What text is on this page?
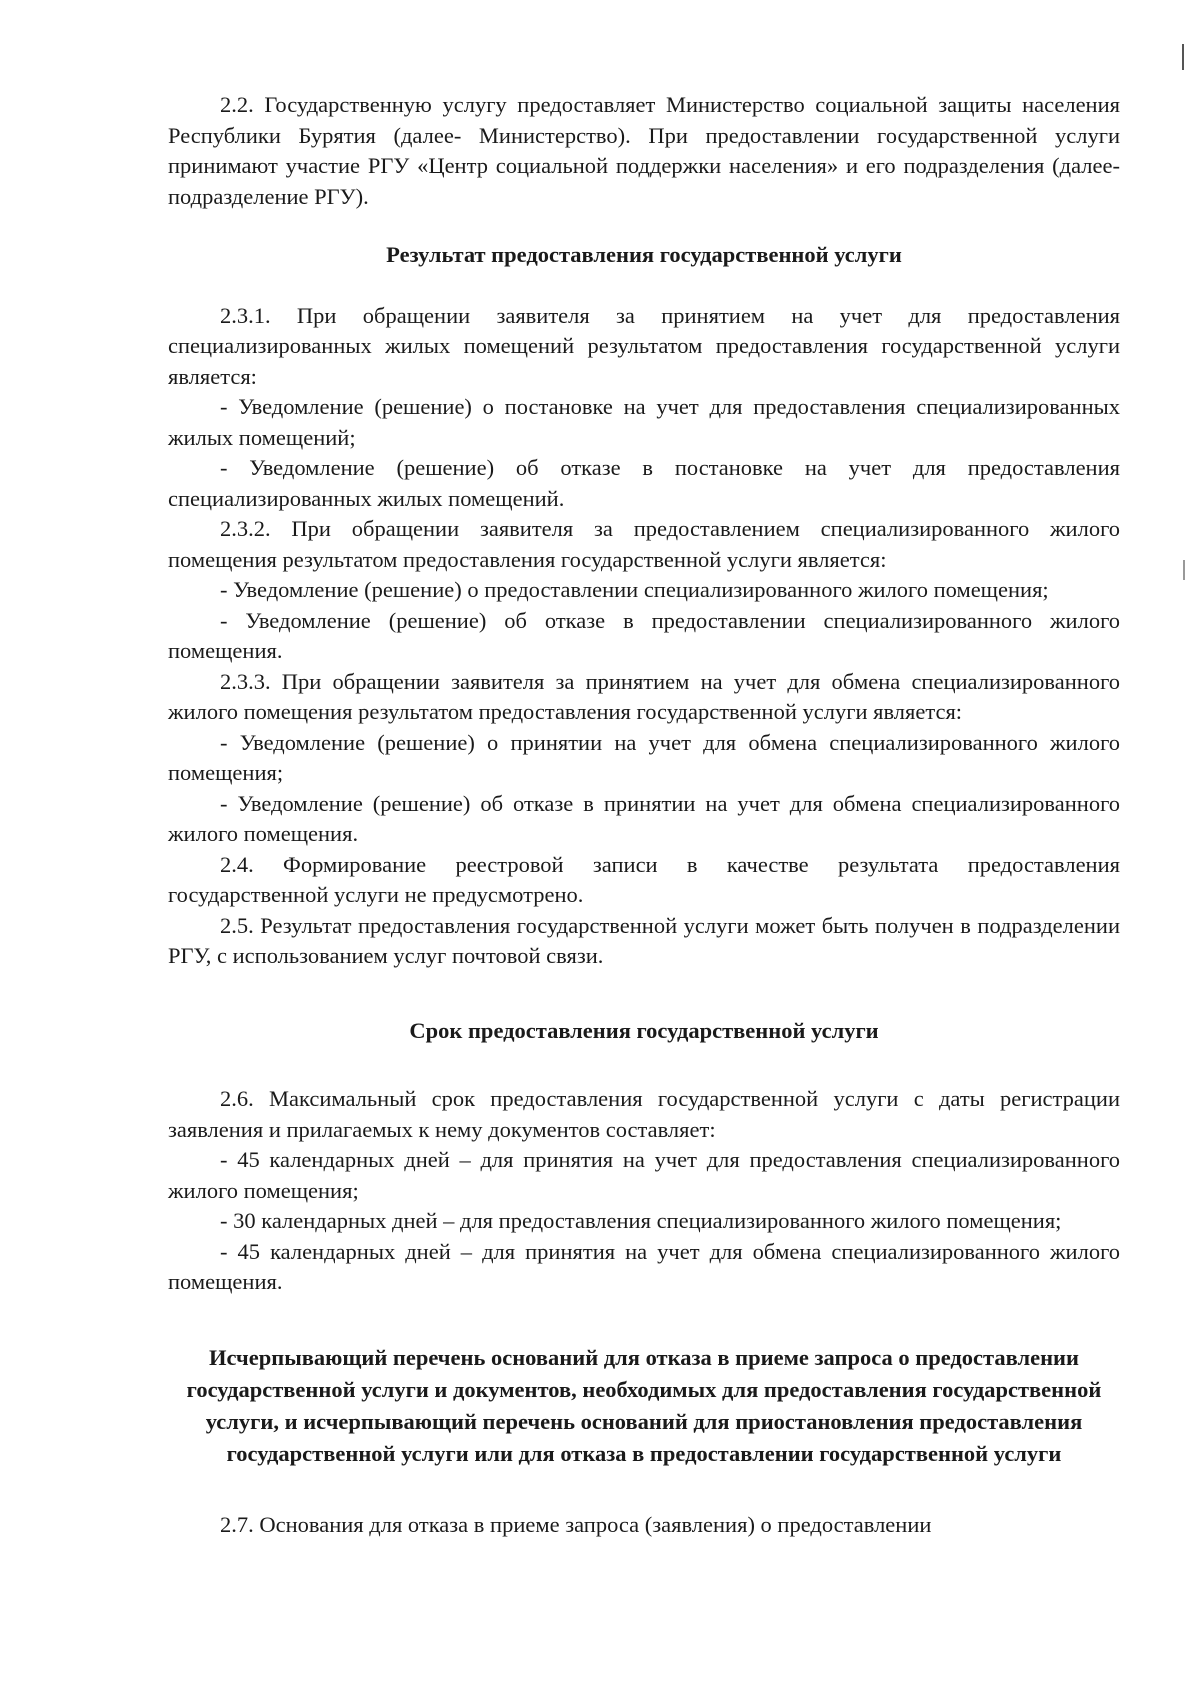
2.2. Государственную услугу предоставляет Министерство социальной защиты населения Республики Бурятия (далее- Министерство). При предоставлении государственной услуги принимают участие РГУ «Центр социальной поддержки населения» и его подразделения (далее- подразделение РГУ).

Результат предоставления государственной услуги

2.3.1. При обращении заявителя за принятием на учет для предоставления специализированных жилых помещений результатом предоставления государственной услуги является:

- Уведомление (решение) о постановке на учет для предоставления специализированных жилых помещений;

- Уведомление (решение) об отказе в постановке на учет для предоставления специализированных жилых помещений.

2.3.2. При обращении заявителя за предоставлением специализированного жилого помещения результатом предоставления государственной услуги является:

- Уведомление (решение) о предоставлении специализированного жилого помещения;

- Уведомление (решение) об отказе в предоставлении специализированного жилого помещения.

2.3.3. При обращении заявителя за принятием на учет для обмена специализированного жилого помещения результатом предоставления государственной услуги является:

- Уведомление (решение) о принятии на учет для обмена специализированного жилого помещения;

- Уведомление (решение) об отказе в принятии на учет для обмена специализированного жилого помещения.

2.4. Формирование реестровой записи в качестве результата предоставления государственной услуги не предусмотрено.

2.5. Результат предоставления государственной услуги может быть получен в подразделении РГУ, с использованием услуг почтовой связи.

Срок предоставления государственной услуги

2.6. Максимальный срок предоставления государственной услуги с даты регистрации заявления и прилагаемых к нему документов составляет:

- 45 календарных дней – для принятия на учет для предоставления специализированного жилого помещения;

- 30 календарных дней – для предоставления специализированного жилого помещения;

- 45 календарных дней – для принятия на учет для обмена специализированного жилого помещения.

Исчерпывающий перечень оснований для отказа в приеме запроса о предоставлении государственной услуги и документов, необходимых для предоставления государственной услуги, и исчерпывающий перечень оснований для приостановления предоставления государственной услуги или для отказа в предоставлении государственной услуги

2.7. Основания для отказа в приеме запроса (заявления) о предоставлении
